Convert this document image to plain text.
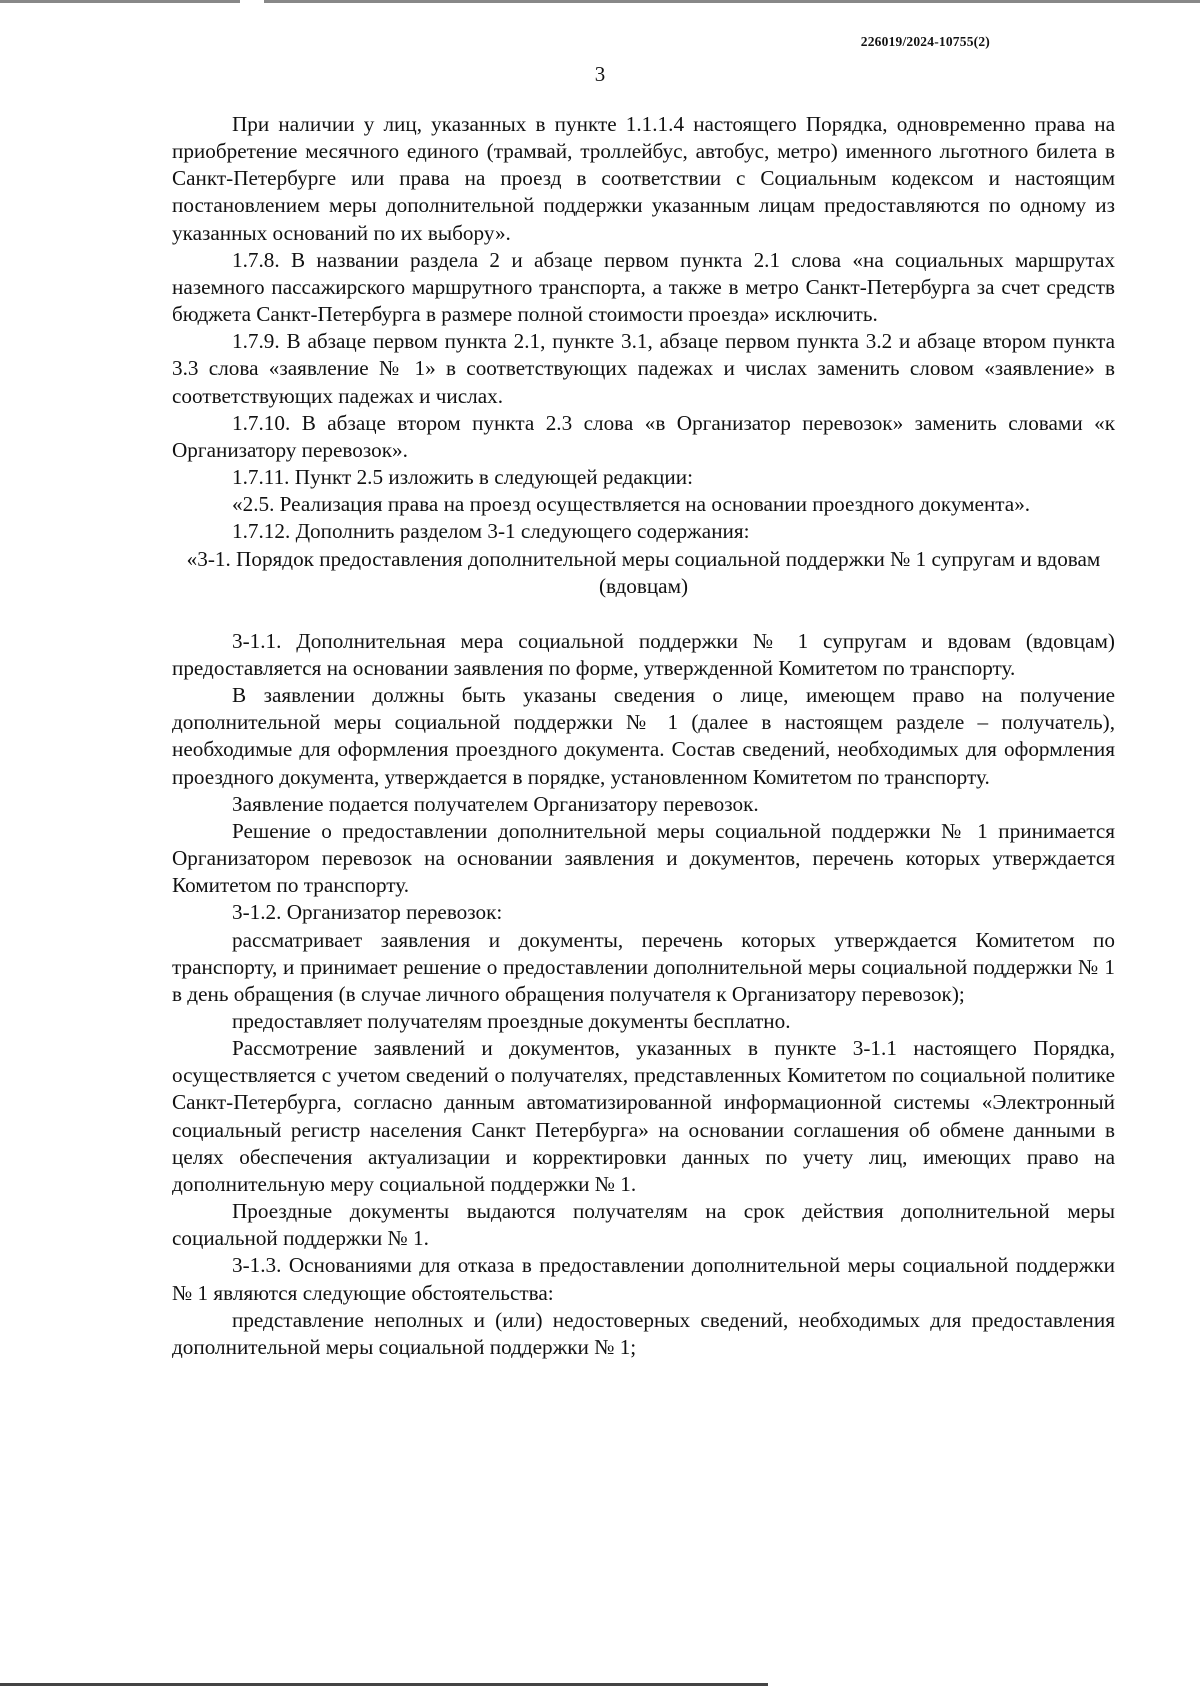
226019/2024-10755(2)
3

При наличии у лиц, указанных в пункте 1.1.1.4 настоящего Порядка, одновременно права на приобретение месячного единого (трамвай, троллейбус, автобус, метро) именного льготного билета в Санкт-Петербурге или права на проезд в соответствии с Социальным кодексом и настоящим постановлением меры дополнительной поддержки указанным лицам предоставляются по одному из указанных оснований по их выбору».

1.7.8. В названии раздела 2 и абзаце первом пункта 2.1 слова «на социальных маршрутах наземного пассажирского маршрутного транспорта, а также в метро Санкт-Петербурга за счет средств бюджета Санкт-Петербурга в размере полной стоимости проезда» исключить.

1.7.9. В абзаце первом пункта 2.1, пункте 3.1, абзаце первом пункта 3.2 и абзаце втором пункта 3.3 слова «заявление № 1» в соответствующих падежах и числах заменить словом «заявление» в соответствующих падежах и числах.

1.7.10. В абзаце втором пункта 2.3 слова «в Организатор перевозок» заменить словами «к Организатору перевозок».

1.7.11. Пункт 2.5 изложить в следующей редакции:

«2.5. Реализация права на проезд осуществляется на основании проездного документа».

1.7.12. Дополнить разделом 3-1 следующего содержания:

«3-1. Порядок предоставления дополнительной меры социальной поддержки № 1 супругам и вдовам (вдовцам)

3-1.1. Дополнительная мера социальной поддержки № 1 супругам и вдовам (вдовцам) предоставляется на основании заявления по форме, утвержденной Комитетом по транспорту.

В заявлении должны быть указаны сведения о лице, имеющем право на получение дополнительной меры социальной поддержки № 1 (далее в настоящем разделе – получатель), необходимые для оформления проездного документа. Состав сведений, необходимых для оформления проездного документа, утверждается в порядке, установленном Комитетом по транспорту.

Заявление подается получателем Организатору перевозок.

Решение о предоставлении дополнительной меры социальной поддержки № 1 принимается Организатором перевозок на основании заявления и документов, перечень которых утверждается Комитетом по транспорту.

3-1.2. Организатор перевозок:

рассматривает заявления и документы, перечень которых утверждается Комитетом по транспорту, и принимает решение о предоставлении дополнительной меры социальной поддержки № 1 в день обращения (в случае личного обращения получателя к Организатору перевозок);

предоставляет получателям проездные документы бесплатно.

Рассмотрение заявлений и документов, указанных в пункте 3-1.1 настоящего Порядка, осуществляется с учетом сведений о получателях, представленных Комитетом по социальной политике Санкт-Петербурга, согласно данным автоматизированной информационной системы «Электронный социальный регистр населения Санкт Петербурга» на основании соглашения об обмене данными в целях обеспечения актуализации и корректировки данных по учету лиц, имеющих право на дополнительную меру социальной поддержки № 1.

Проездные документы выдаются получателям на срок действия дополнительной меры социальной поддержки № 1.

3-1.3. Основаниями для отказа в предоставлении дополнительной меры социальной поддержки № 1 являются следующие обстоятельства:

представление неполных и (или) недостоверных сведений, необходимых для предоставления дополнительной меры социальной поддержки № 1;
